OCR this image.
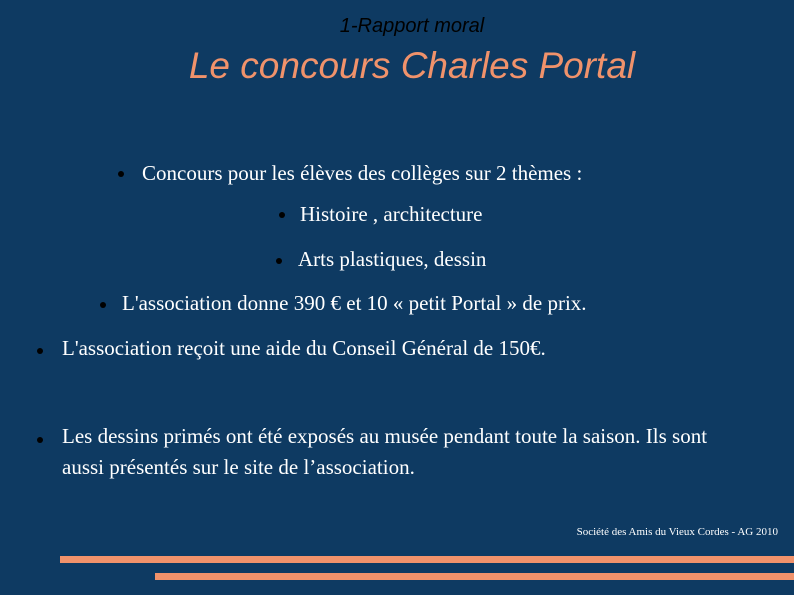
1-Rapport moral
Le concours Charles Portal
Concours pour les élèves des collèges sur 2 thèmes :
Histoire , architecture
Arts plastiques, dessin
L'association donne 390 € et 10 « petit Portal » de prix.
L'association reçoit une aide du Conseil Général de 150€.
Les dessins primés ont été exposés au musée pendant toute la saison. Ils sont aussi présentés sur le site de l’association.
Société des Amis du Vieux Cordes - AG 2010
